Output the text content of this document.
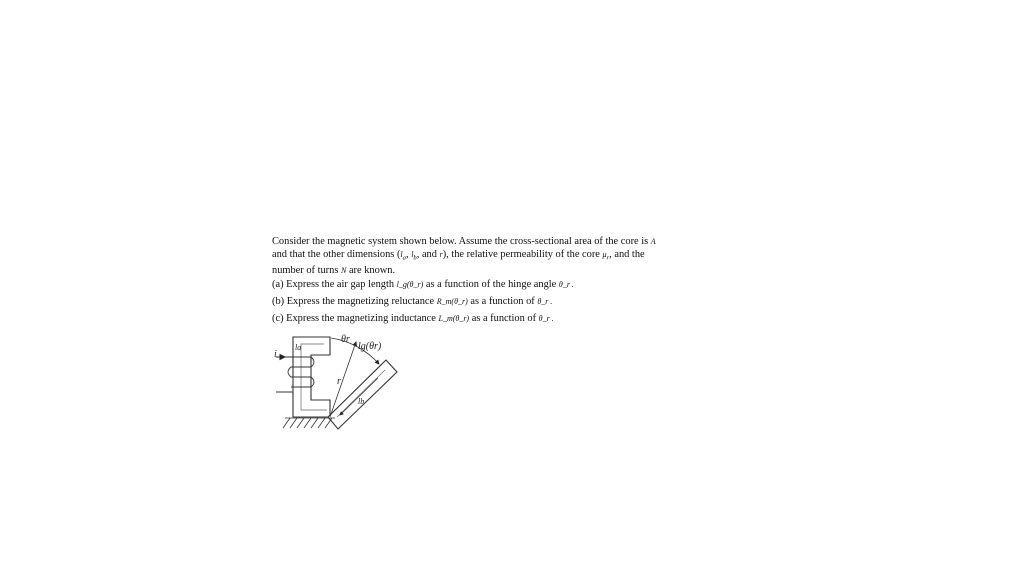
Consider the magnetic system shown below. Assume the cross-sectional area of the core is A
and that the other dimensions ($l_a$, $l_b$, and r), the relative permeability of the core $\mu_r$, and the
number of turns N are known.
(a) Express the air gap length l_g(θ_r) as a function of the hinge angle θ_r .
(b) Express the magnetizing reluctance R_m(θ_r) as a function of θ_r .
(c) Express the magnetizing inductance L_m(θ_r) as a function of θ_r .
θr
lg(θr)
i
r
la
lb
